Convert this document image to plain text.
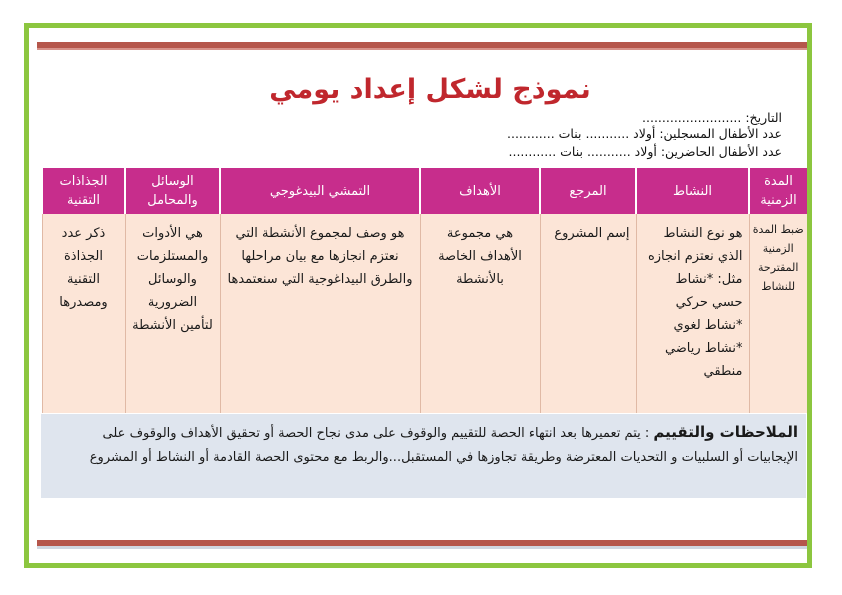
نموذج لشكل إعداد يومي
التاريخ: .........................
عدد الأطفال المسجلين: أولاد ........... بنات ............
عدد الأطفال الحاضرين: أولاد ........... بنات ............
المدة الزمنية	النشاط	المرجع	الأهداف	التمشي البيدغوجي	الوسائل والمحامل	الجذاذات التقنية
ضبط المدة الزمنية المقترحة للنشاط	هو نوع النشاط الذي نعتزم انجازه مثل: *نشاط حسي حركي *نشاط لغوي *نشاط رياضي منطقي	إسم المشروع	هي مجموعة الأهداف الخاصة بالأنشطة	هو وصف لمجموع الأنشطة التي نعتزم انجازها مع بيان مراحلها والطرق البيداغوجية التي سنعتمدها	هي الأدوات والمستلزمات والوسائل الضرورية لتأمين الأنشطة	ذكر عدد الجذاذة التقنية ومصدرها
الملاحظات والتقييم : يتم تعميرها بعد انتهاء الحصة للتقييم والوقوف على مدى نجاح الحصة أو تحقيق الأهداف والوقوف على الإيجابيات أو السلبيات و التحديات المعترضة وطريقة تجاوزها في المستقبل...والربط مع محتوى الحصة القادمة أو النشاط أو المشروع
